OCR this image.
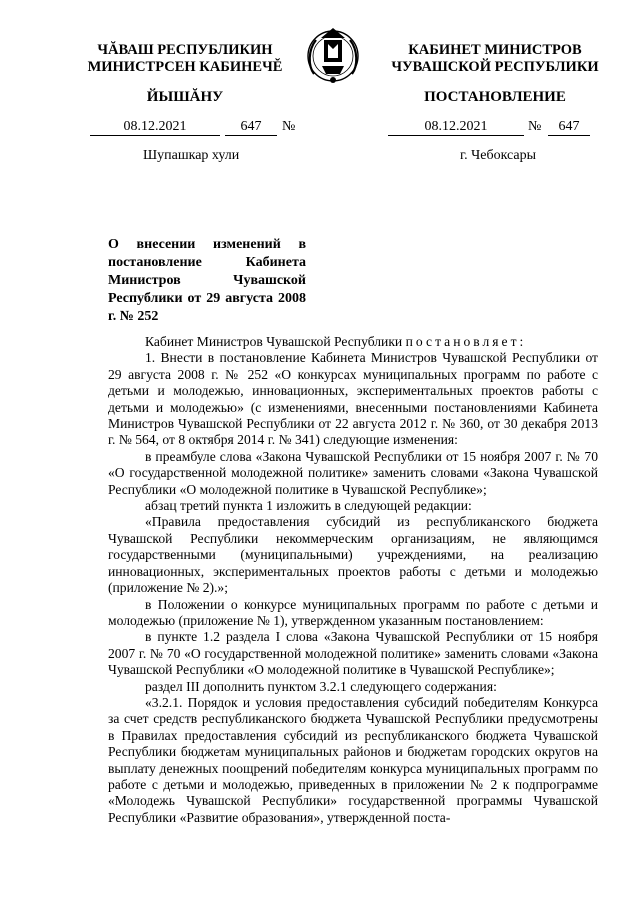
ЧĂВАШ РЕСПУБЛИКИН
МИНИСТРСЕН КАБИНЕЧĔ
ЙЫШĂНУ
КАБИНЕТ МИНИСТРОВ
ЧУВАШСКОЙ РЕСПУБЛИКИ
ПОСТАНОВЛЕНИЕ
08.12.2021	647	№	08.12.2021	№	647
Шупашкар хули	г. Чебоксары
О внесении изменений в постановление Кабинета Министров Чувашской Республики от 29 августа 2008 г. № 252

Кабинет Министров Чувашской Республики постановляет:

1. Внести в постановление Кабинета Министров Чувашской Республики от 29 августа 2008 г. № 252 «О конкурсах муниципальных программ по работе с детьми и молодежью, инновационных, экспериментальных проектов работы с детьми и молодежью» (с изменениями, внесенными постановлениями Кабинета Министров Чувашской Республики от 22 августа 2012 г. № 360, от 30 декабря 2013 г. № 564, от 8 октября 2014 г. № 341) следующие изменения:

в преамбуле слова «Закона Чувашской Республики от 15 ноября 2007 г. № 70 «О государственной молодежной политике» заменить словами «Закона Чувашской Республики «О молодежной политике в Чувашской Республике»;

абзац третий пункта 1 изложить в следующей редакции:

«Правила предоставления субсидий из республиканского бюджета Чувашской Республики некоммерческим организациям, не являющимся государственными (муниципальными) учреждениями, на реализацию инновационных, экспериментальных проектов работы с детьми и молодежью (приложение № 2).»;

в Положении о конкурсе муниципальных программ по работе с детьми и молодежью (приложение № 1), утвержденном указанным постановлением:

в пункте 1.2 раздела I слова «Закона Чувашской Республики от 15 ноября 2007 г. № 70 «О государственной молодежной политике» заменить словами «Закона Чувашской Республики «О молодежной политике в Чувашской Республике»;

раздел III дополнить пунктом 3.2.1 следующего содержания:

«3.2.1. Порядок и условия предоставления субсидий победителям Конкурса за счет средств республиканского бюджета Чувашской Республики предусмотрены в Правилах предоставления субсидий из республиканского бюджета Чувашской Республики бюджетам муниципальных районов и бюджетам городских округов на выплату денежных поощрений победителям конкурса муниципальных программ по работе с детьми и молодежью, приведенных в приложении № 2 к подпрограмме «Молодежь Чувашской Республики» государственной программы Чувашской Республики «Развитие образования», утвержденной поста-
